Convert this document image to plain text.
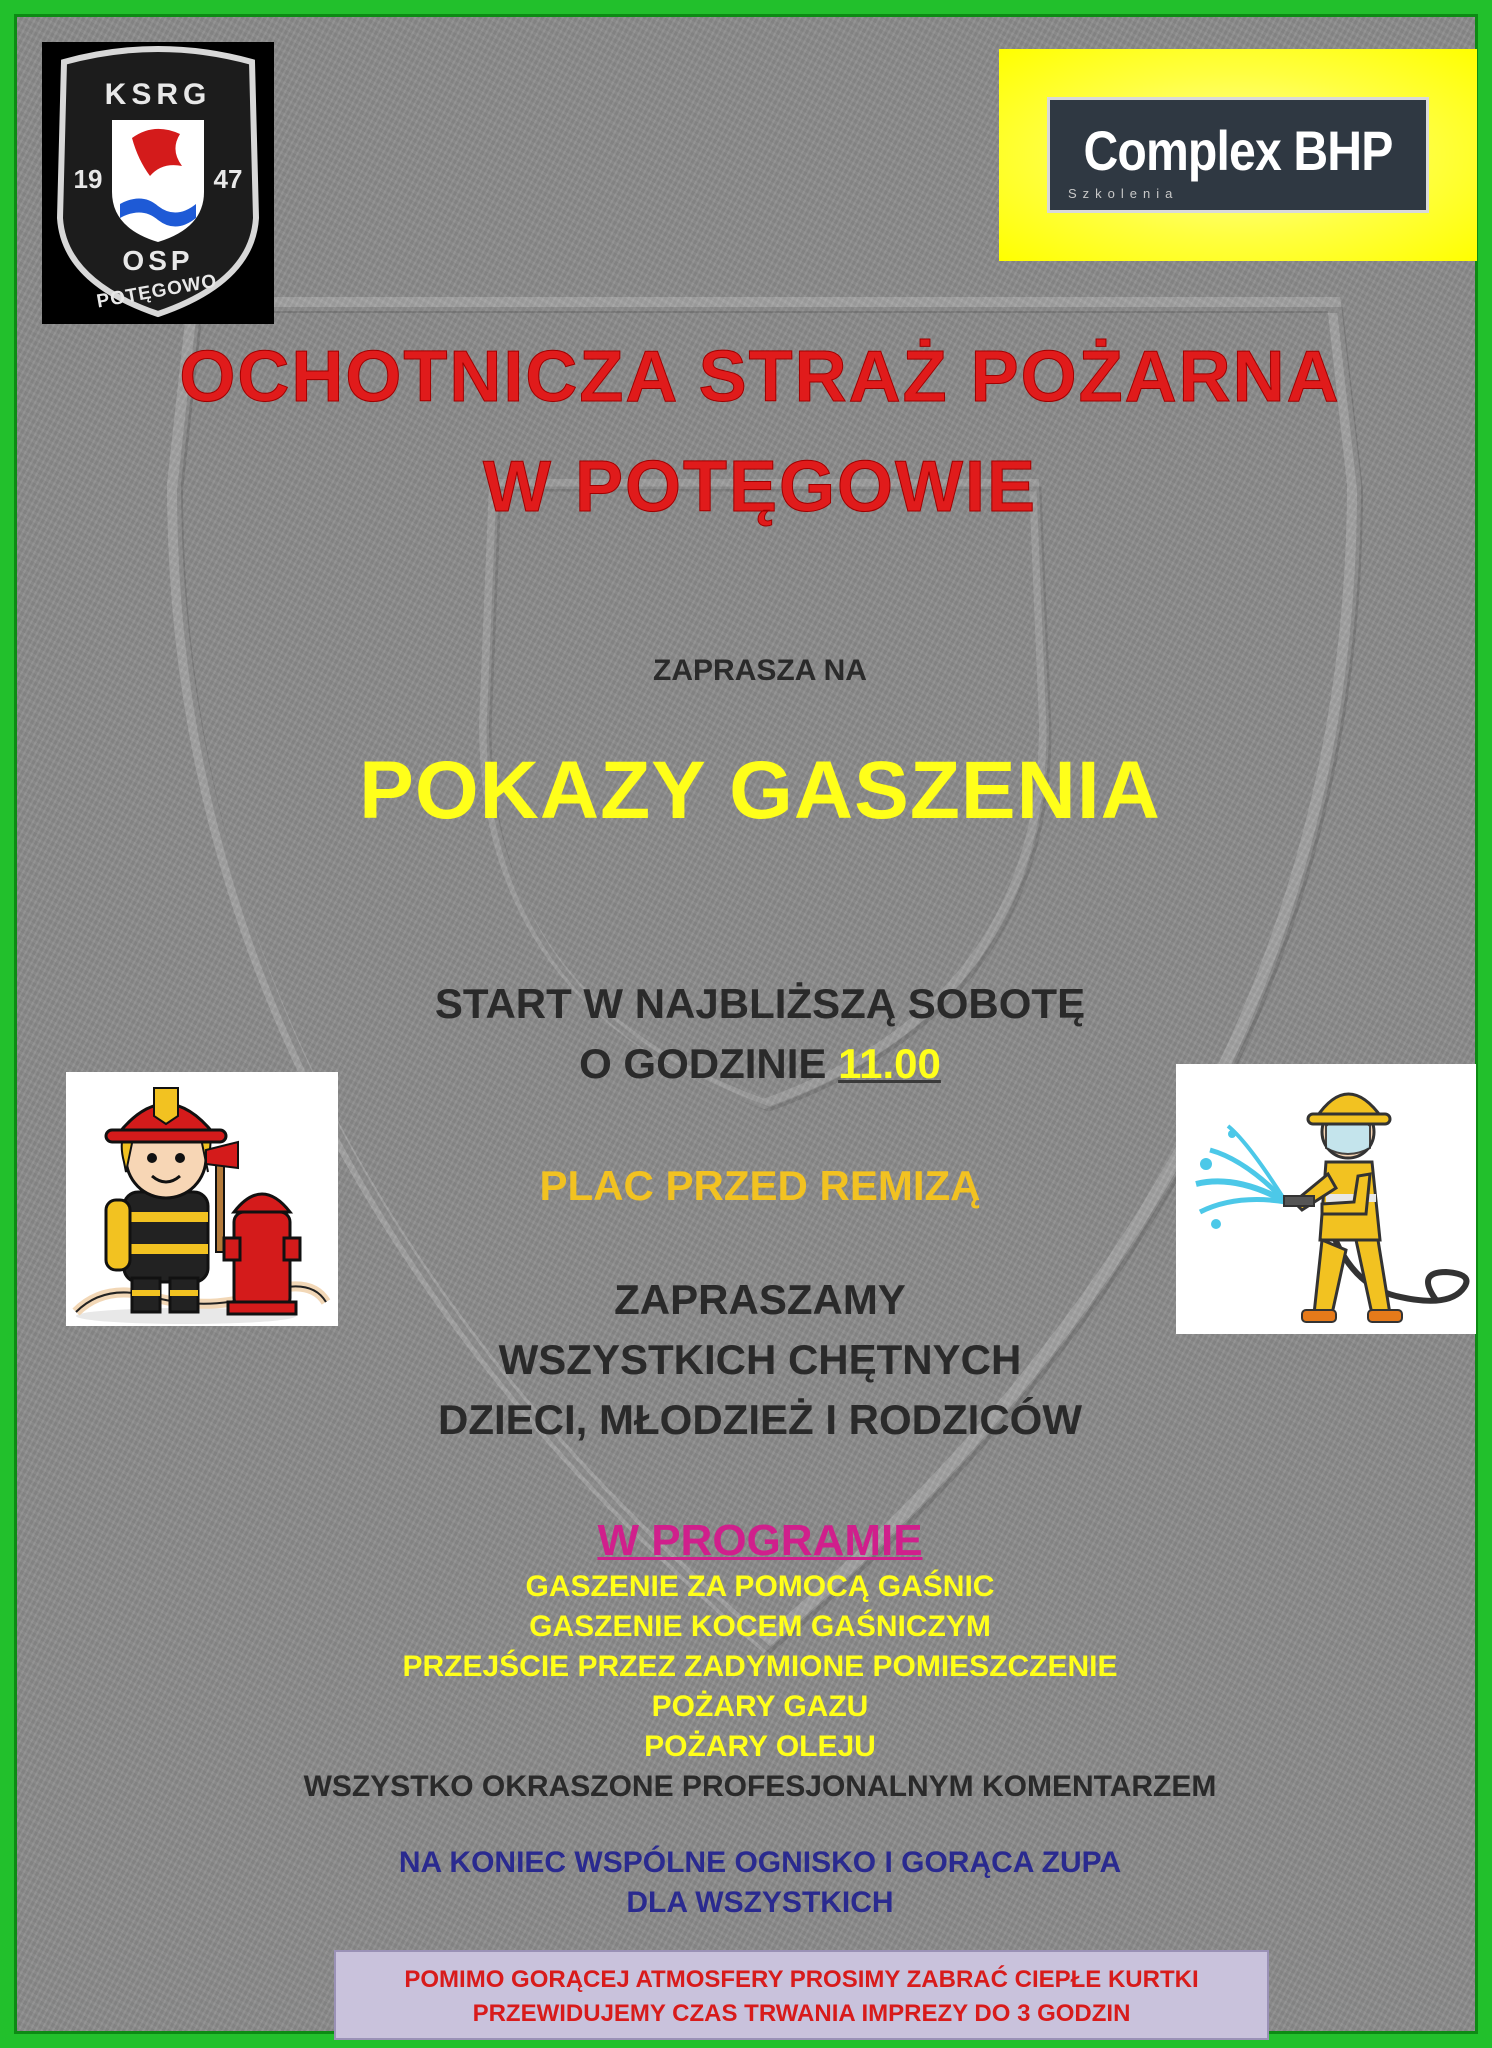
KSRG
19	47
OSP
POTĘGOWO
Complex BHP
Szkolenia

OCHOTNICZA STRAŻ POŻARNA

W POTĘGOWIE

ZAPRASZA NA

POKAZY GASZENIA

START W NAJBLIŻSZĄ SOBOTĘ

O GODZINIE 11.00

PLAC PRZED REMIZĄ

ZAPRASZAMY

WSZYSTKICH CHĘTNYCH

DZIECI, MŁODZIEŻ I RODZICÓW

W PROGRAMIE

GASZENIE ZA POMOCĄ GAŚNIC

GASZENIE KOCEM GAŚNICZYM

PRZEJŚCIE PRZEZ ZADYMIONE POMIESZCZENIE

POŻARY GAZU

POŻARY OLEJU

WSZYSTKO OKRASZONE PROFESJONALNYM KOMENTARZEM

NA KONIEC WSPÓLNE OGNISKO I GORĄCA ZUPA

DLA WSZYSTKICH

POMIMO GORĄCEJ ATMOSFERY PROSIMY ZABRAĆ CIEPŁE KURTKI
PRZEWIDUJEMY CZAS TRWANIA IMPREZY DO 3 GODZIN
